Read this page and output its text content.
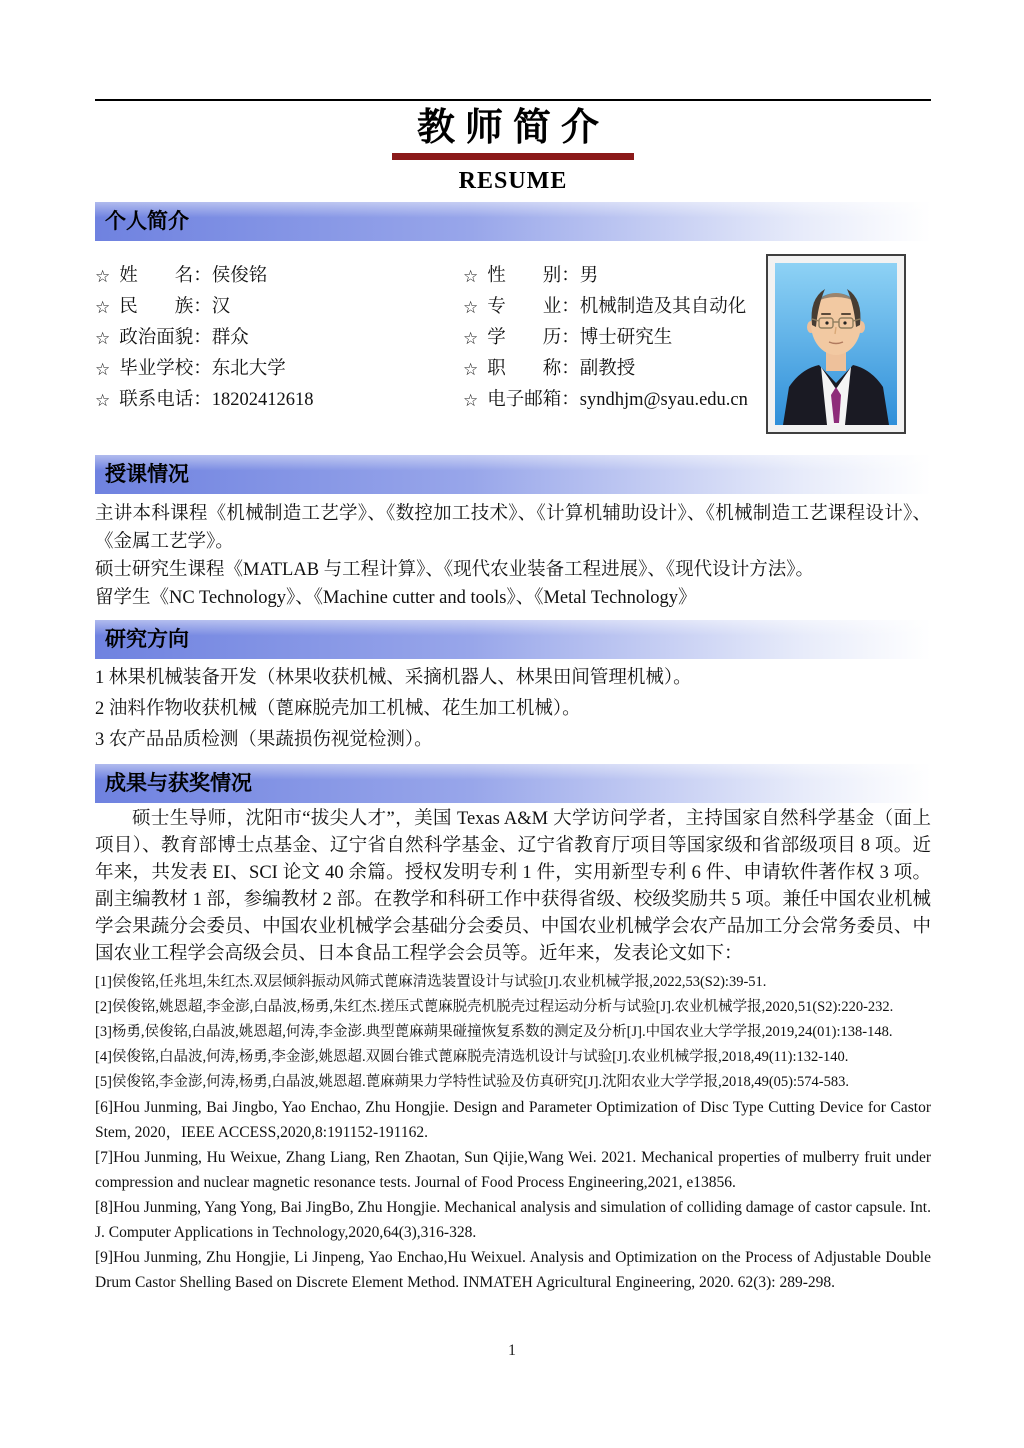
教师简介
RESUME
个人简介
☆ 姓　　名： 侯俊铭	☆ 性　　别： 男
☆ 民　　族： 汉	☆ 专　　业： 机械制造及其自动化
☆ 政治面貌： 群众	☆ 学　　历： 博士研究生
☆ 毕业学校： 东北大学	☆ 职　　称： 副教授
☆ 联系电话： 18202412618	☆ 电子邮箱： syndhjm@syau.edu.cn
授课情况

主讲本科课程《机械制造工艺学》、《数控加工技术》、《计算机辅助设计》、《机械制造工艺课程设计》、《金属工艺学》。

硕士研究生课程《MATLAB 与工程计算》、《现代农业装备工程进展》、《现代设计方法》。

留学生《NC Technology》、《Machine cutter and tools》、《Metal Technology》

研究方向

1 林果机械装备开发（林果收获机械、采摘机器人、林果田间管理机械）。

2 油料作物收获机械（蓖麻脱壳加工机械、花生加工机械）。

3 农产品品质检测（果蔬损伤视觉检测）。

成果与获奖情况

硕士生导师，沈阳市“拔尖人才”，美国 Texas A&M 大学访问学者，主持国家自然科学基金（面上项目）、教育部博士点基金、辽宁省自然科学基金、辽宁省教育厅项目等国家级和省部级项目 8 项。近年来，共发表 EI、SCI 论文 40 余篇。授权发明专利 1 件，实用新型专利 6 件、申请软件著作权 3 项。副主编教材 1 部，参编教材 2 部。在教学和科研工作中获得省级、校级奖励共 5 项。兼任中国农业机械学会果蔬分会委员、中国农业机械学会基础分会委员、中国农业机械学会农产品加工分会常务委员、中国农业工程学会高级会员、日本食品工程学会会员等。近年来，发表论文如下：

[1]侯俊铭,任兆坦,朱红杰.双层倾斜振动风筛式蓖麻清选装置设计与试验[J].农业机械学报,2022,53(S2):39-51.

[2]侯俊铭,姚恩超,李金澎,白晶波,杨勇,朱红杰.搓压式蓖麻脱壳机脱壳过程运动分析与试验[J].农业机械学报,2020,51(S2):220-232.

[3]杨勇,侯俊铭,白晶波,姚恩超,何涛,李金澎.典型蓖麻蒴果碰撞恢复系数的测定及分析[J].中国农业大学学报,2019,24(01):138-148.

[4]侯俊铭,白晶波,何涛,杨勇,李金澎,姚恩超.双圆台锥式蓖麻脱壳清选机设计与试验[J].农业机械学报,2018,49(11):132-140.

[5]侯俊铭,李金澎,何涛,杨勇,白晶波,姚恩超.蓖麻蒴果力学特性试验及仿真研究[J].沈阳农业大学学报,2018,49(05):574-583.

[6]Hou Junming, Bai Jingbo, Yao Enchao, Zhu Hongjie. Design and Parameter Optimization of Disc Type Cutting Device for Castor Stem, 2020，IEEE ACCESS,2020,8:191152-191162.

[7]Hou Junming, Hu Weixue, Zhang Liang, Ren Zhaotan, Sun Qijie,Wang Wei. 2021. Mechanical properties of mulberry fruit under compression and nuclear magnetic resonance tests. Journal of Food Process Engineering,2021, e13856.

[8]Hou Junming, Yang Yong, Bai JingBo, Zhu Hongjie. Mechanical analysis and simulation of colliding damage of castor capsule. Int. J. Computer Applications in Technology,2020,64(3),316-328.

[9]Hou Junming, Zhu Hongjie, Li Jinpeng, Yao Enchao,Hu Weixuel. Analysis and Optimization on the Process of Adjustable Double Drum Castor Shelling Based on Discrete Element Method. INMATEH Agricultural Engineering, 2020. 62(3): 289-298.

1
